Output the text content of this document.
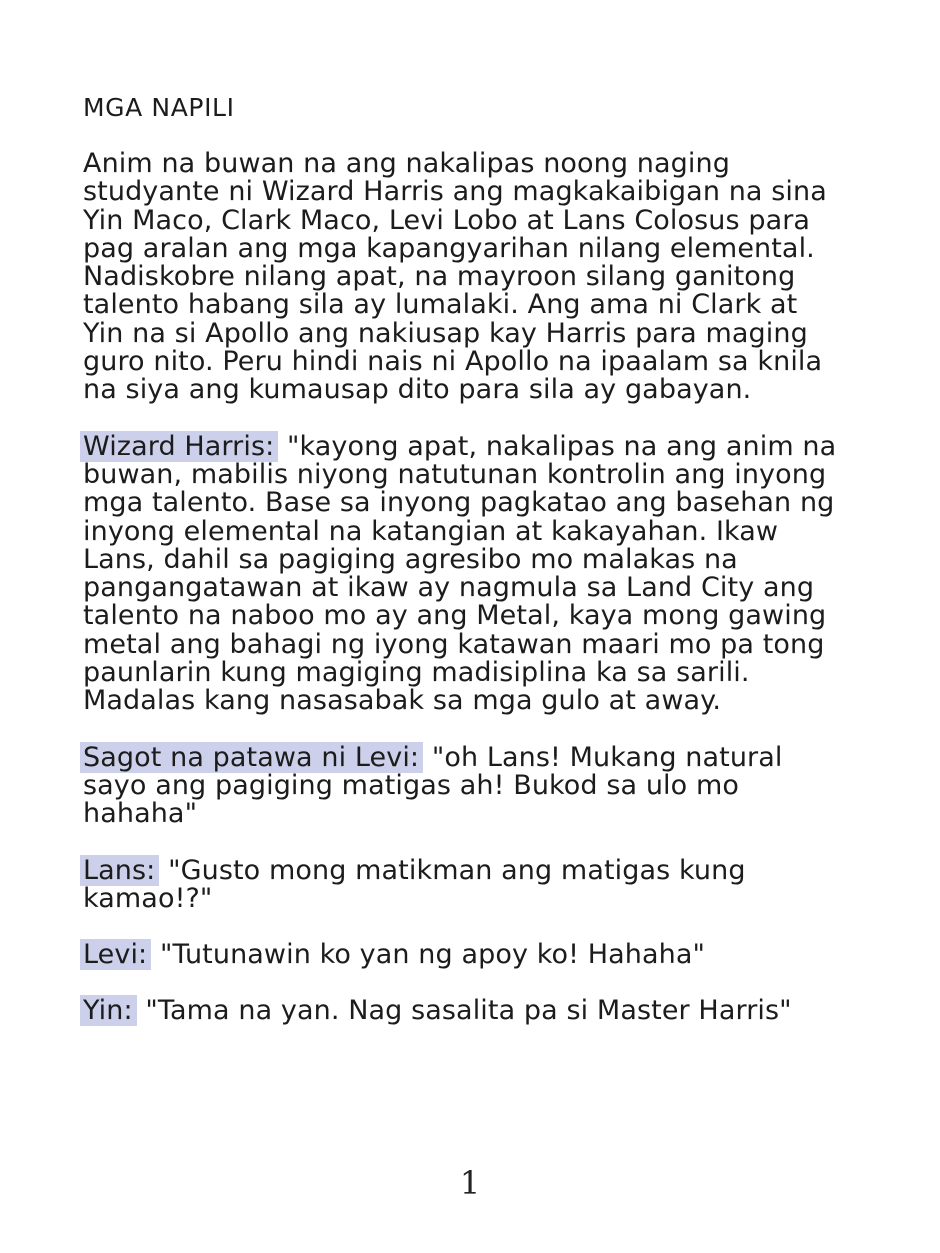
MGA NAPILI

Anim na buwan na ang nakalipas noong naging studyante ni Wizard Harris ang magkakaibigan na sina Yin Maco, Clark Maco, Levi Lobo at Lans Colosus para pag aralan ang mga kapangyarihan nilang elemental. Nadiskobre nilang apat, na mayroon silang ganitong talento habang sila ay lumalaki. Ang ama ni Clark at Yin na si Apollo ang nakiusap kay Harris para maging guro nito. Peru hindi nais ni Apollo na ipaalam sa knila na siya ang kumausap dito para sila ay gabayan.

Wizard Harris: "kayong apat, nakalipas na ang anim na buwan, mabilis niyong natutunan kontrolin ang inyong mga talento. Base sa inyong pagkatao ang basehan ng inyong elemental na katangian at kakayahan. Ikaw Lans, dahil sa pagiging agresibo mo malakas na pangangatawan at ikaw ay nagmula sa Land City ang talento na naboo mo ay ang Metal, kaya mong gawing metal ang bahagi ng iyong katawan maari mo pa tong paunlarin kung magiging madisiplina ka sa sarili. Madalas kang nasasabak sa mga gulo at away.

Sagot na patawa ni Levi: "oh Lans! Mukang natural sayo ang pagiging matigas ah! Bukod sa ulo mo hahaha"

Lans: "Gusto mong matikman ang matigas kung kamao!?"

Levi: "Tutunawin ko yan ng apoy ko! Hahaha"

Yin: "Tama na yan. Nag sasalita pa si Master Harris"

1
